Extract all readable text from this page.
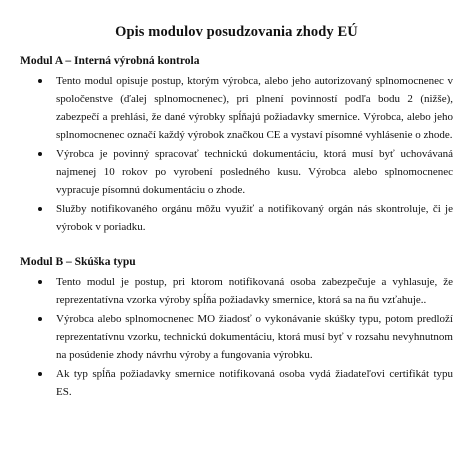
Opis modulov posudzovania zhody EÚ
Modul A – Interná výrobná kontrola
Tento modul opisuje postup, ktorým výrobca, alebo jeho autorizovaný splnomocnenec v spoločenstve (ďalej splnomocnenec), pri plnení povinností podľa bodu 2 (nižše), zabezpečí a prehlási, že dané výrobky spĺňajú požiadavky smernice. Výrobca, alebo jeho splnomocnenec označí každý výrobok značkou CE a vystaví písomné vyhlásenie o zhode.
Výrobca je povinný spracovať technickú dokumentáciu, ktorá musí byť uchovávaná najmenej 10 rokov po vyrobení posledného kusu. Výrobca alebo splnomocnenec vypracuje písomnú dokumentáciu o zhode.
Služby notifikovaného orgánu môžu využiť a notifikovaný orgán nás skontroluje, či je výrobok v poriadku.
Modul B – Skúška typu
Tento modul je postup, pri ktorom notifikovaná osoba zabezpečuje a vyhlasuje, že reprezentatívna vzorka výroby spĺňa požiadavky smernice, ktorá sa na ňu vzťahuje..
Výrobca alebo splnomocnenec MO žiadosť o vykonávanie skúšky typu, potom predloží reprezentatívnu vzorku, technickú dokumentáciu, ktorá musí byť v rozsahu nevyhnutnom na posúdenie zhody návrhu výroby a fungovania výrobku.
Ak typ spĺňa požiadavky smernice notifikovaná osoba vydá žiadateľovi certifikát typu ES.
